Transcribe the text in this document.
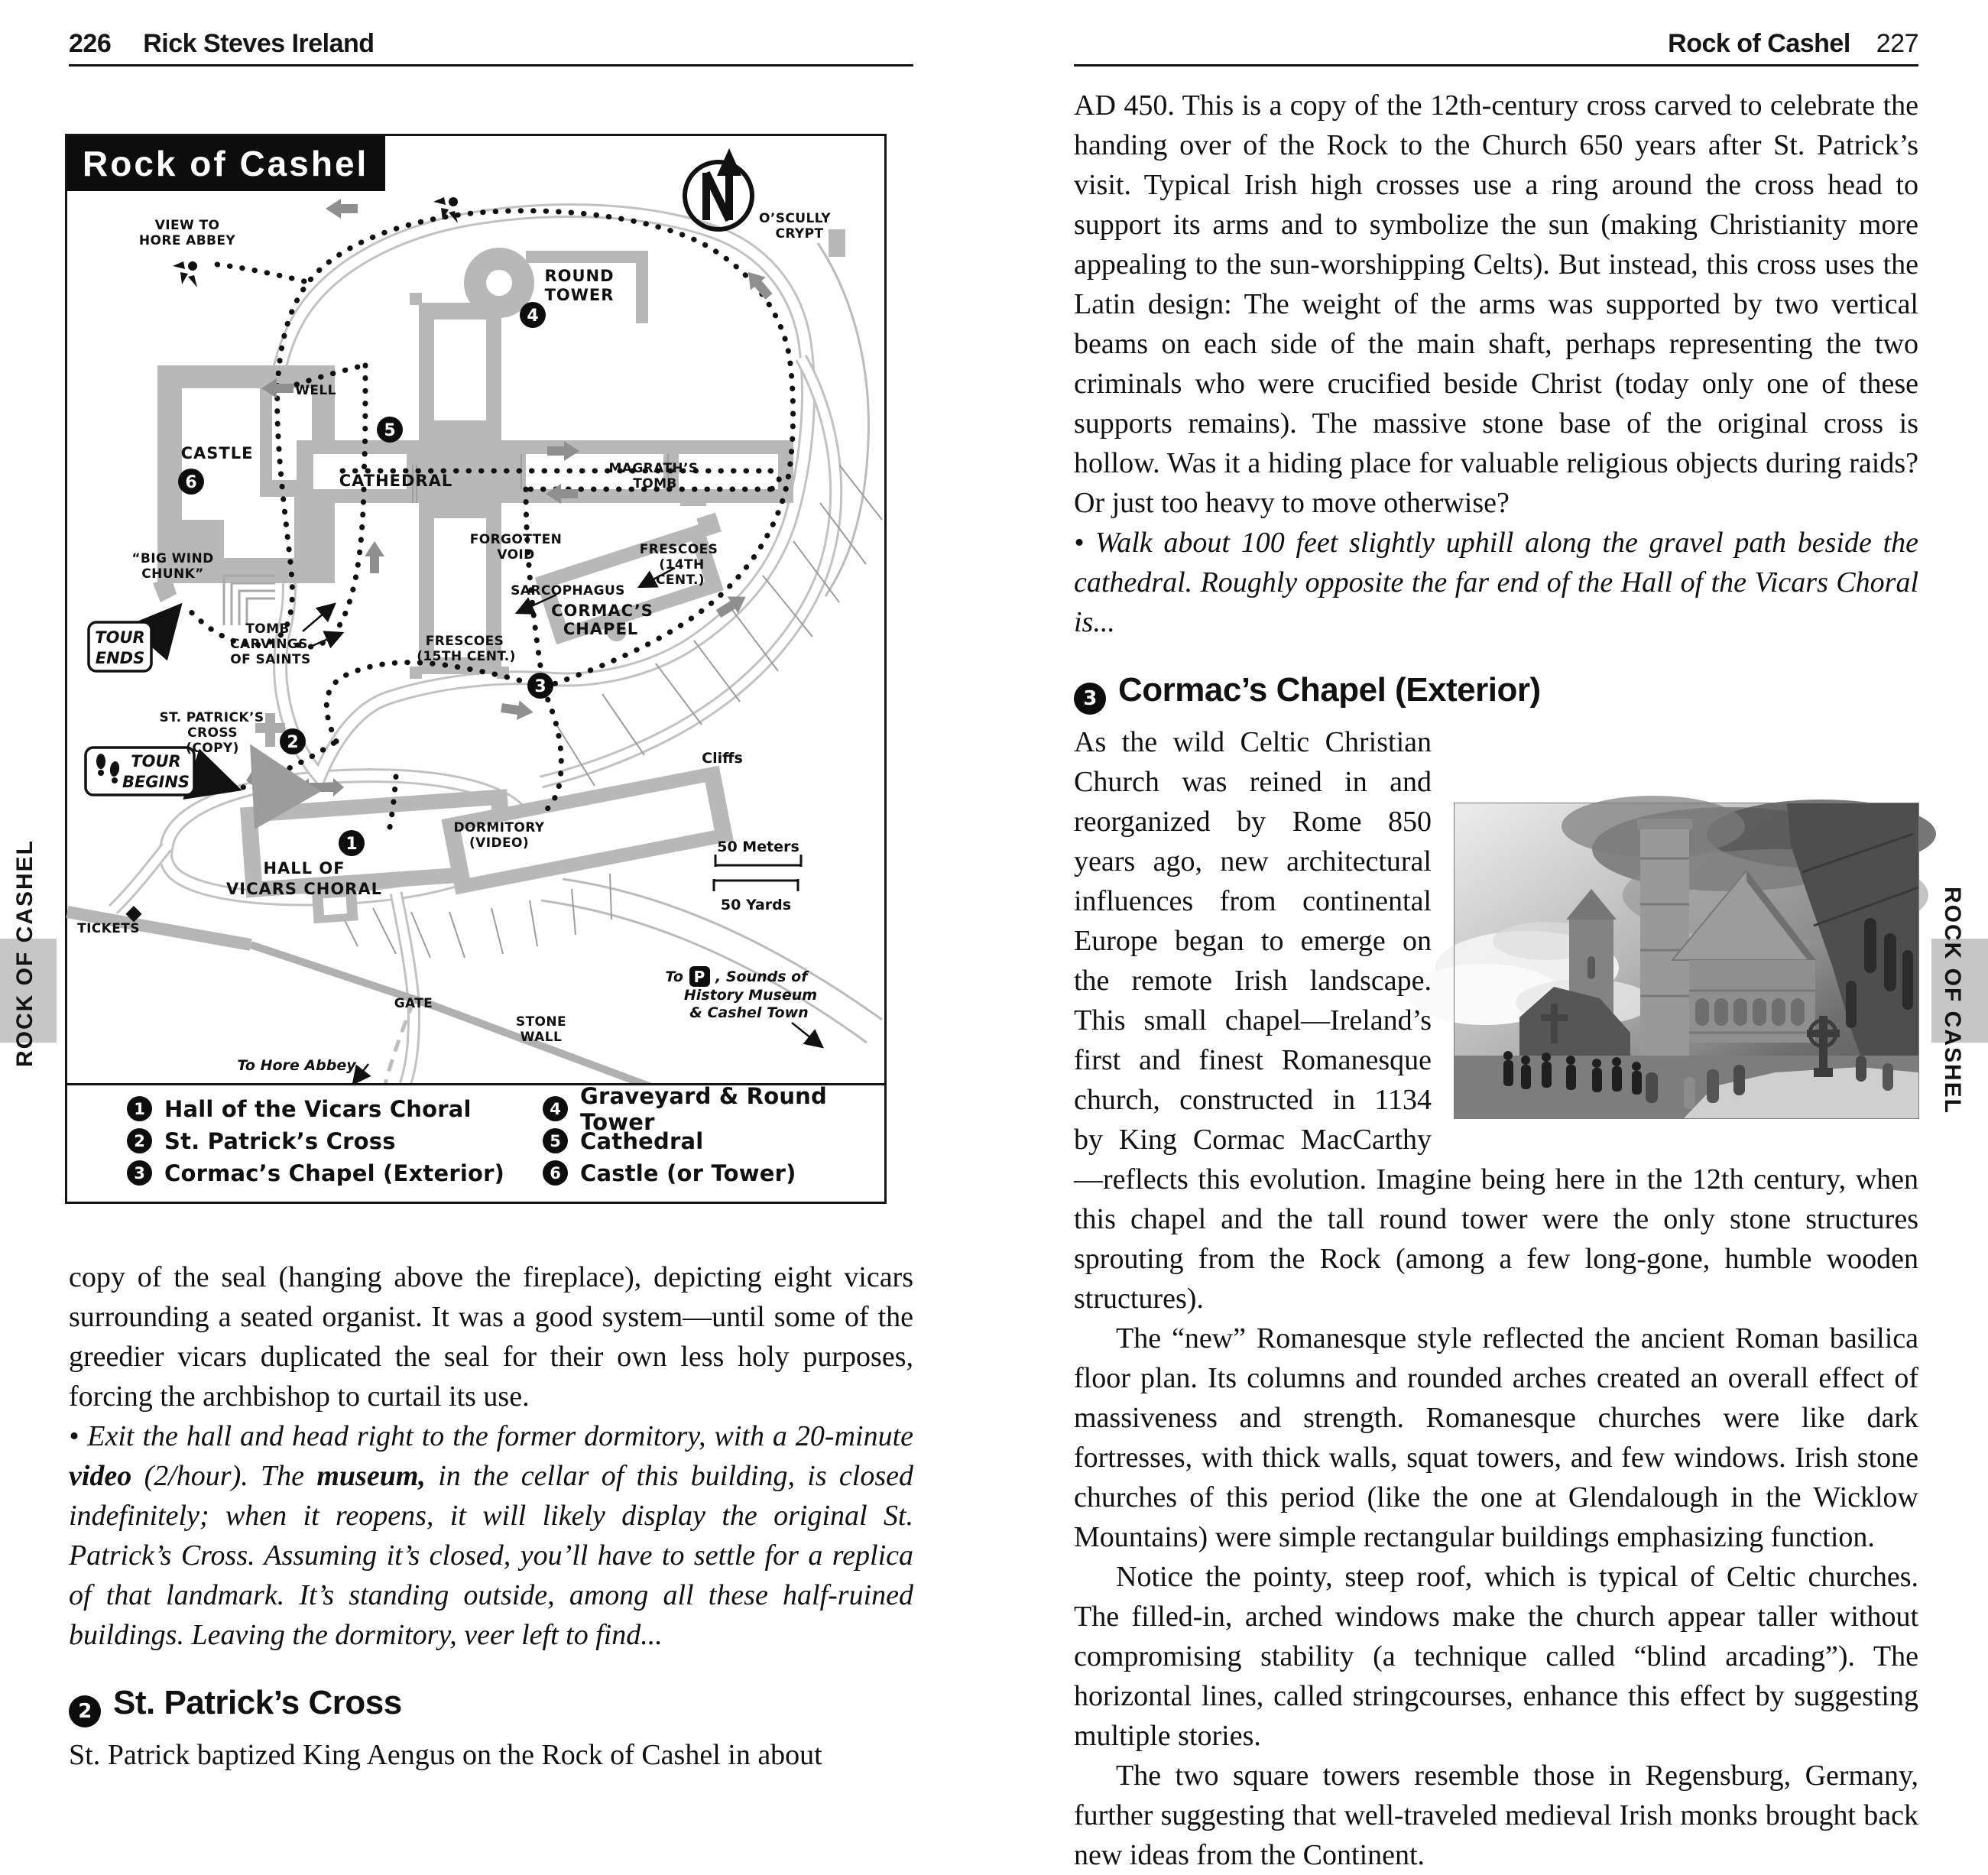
226 Rick Steves Ireland	Rock of Cashel 227
TOUR
ENDS
TOUR
BEGINS
1
2
3
4
5
6
VIEW TO
HORE ABBEY
O’SCULLY
CRYPT
ROUND
TOWER
WELL
CASTLE
CATHEDRAL
MAGRATH’S
TOMB
FORGOTTEN
VOID	FRESCOES
(14TH
CENT.)
SARCOPHAGUS
CORMAC’S
CHAPEL
“BIG WIND
CHUNK”
TOMB
CARVINGS
OF SAINTS
FRESCOES
(15TH CENT.)
ST. PATRICK’S
CROSS
(COPY)
Cliffs
DORMITORY
(VIDEO)
HALL OF
VICARS CHORAL
50 Meters
50 Yards
TICKETS
GATE
STONE
WALL
To P , Sounds of
History Museum
& Cashel Town
To Hore Abbey
Rock of Cashel
1 Hall of the Vicars Choral
2 St. Patrick’s Cross
3 Cormac’s Chapel (Exterior)
4 Graveyard & Round Tower
5 Cathedral
6 Castle (or Tower)

copy of the seal (hanging above the fireplace), depicting eight vicars surrounding a seated organist. It was a good system—until some of the greedier vicars duplicated the seal for their own less holy purposes, forcing the archbishop to curtail its use.

• Exit the hall and head right to the former dormitory, with a 20-minute video (2/hour). The museum, in the cellar of this building, is closed indefinitely; when it reopens, it will likely display the original St. Patrick’s Cross. Assuming it’s closed, you’ll have to settle for a replica of that landmark. It’s standing outside, among all these half-ruined buildings. Leaving the dormitory, veer left to find...

2 St. Patrick’s Cross

St. Patrick baptized King Aengus on the Rock of Cashel in about

AD 450. This is a copy of the 12th-century cross carved to celebrate the handing over of the Rock to the Church 650 years after St. Patrick’s visit. Typical Irish high crosses use a ring around the cross head to support its arms and to symbolize the sun (making Christianity more appealing to the sun-worshipping Celts). But instead, this cross uses the Latin design: The weight of the arms was supported by two vertical beams on each side of the main shaft, perhaps representing the two criminals who were crucified beside Christ (today only one of these supports remains). The massive stone base of the original cross is hollow. Was it a hiding place for valuable religious objects during raids? Or just too heavy to move otherwise?

• Walk about 100 feet slightly uphill along the gravel path beside the cathedral. Roughly opposite the far end of the Hall of the Vicars Choral is...

3 Cormac’s Chapel (Exterior)

As the wild Celtic Christian Church was reined in and reorganized by Rome 850 years ago, new architectural influences from continental Europe began to emerge on the remote Irish landscape. This small chapel—Ireland’s first and finest Romanesque church, constructed in 1134 by King Cormac MacCarthy—reflects this evolution. Imagine being here in the 12th century, when this chapel and the tall round tower were the only stone structures sprouting from the Rock (among a few long-gone, humble wooden structures).

The “new” Romanesque style reflected the ancient Roman basilica floor plan. Its columns and rounded arches created an overall effect of massiveness and strength. Romanesque churches were like dark fortresses, with thick walls, squat towers, and few windows. Irish stone churches of this period (like the one at Glendalough in the Wicklow Mountains) were simple rectangular buildings emphasizing function.

Notice the pointy, steep roof, which is typical of Celtic churches. The filled-in, arched windows make the church appear taller without compromising stability (a technique called “blind arcading”). The horizontal lines, called stringcourses, enhance this effect by suggesting multiple stories.

The two square towers resemble those in Regensburg, Germany, further suggesting that well-traveled medieval Irish monks brought back new ideas from the Continent.

ROCK OF CASHEL	ROCK OF CASHEL
